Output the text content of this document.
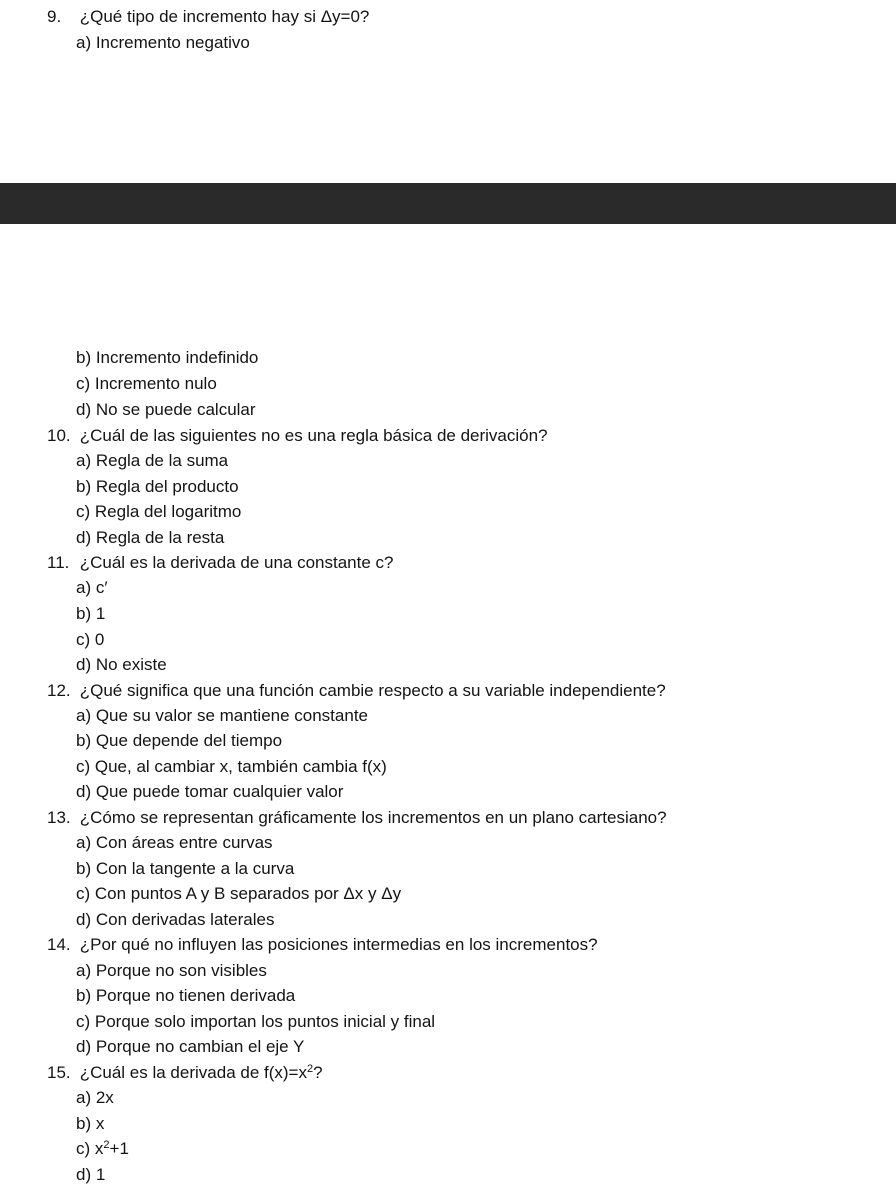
9. ¿Qué tipo de incremento hay si Δy=0?
a) Incremento negativo
b) Incremento indefinido
c) Incremento nulo
d) No se puede calcular
10. ¿Cuál de las siguientes no es una regla básica de derivación?
a) Regla de la suma
b) Regla del producto
c) Regla del logaritmo
d) Regla de la resta
11. ¿Cuál es la derivada de una constante c?
a) c′
b) 1
c) 0
d) No existe
12. ¿Qué significa que una función cambie respecto a su variable independiente?
a) Que su valor se mantiene constante
b) Que depende del tiempo
c) Que, al cambiar x, también cambia f(x)
d) Que puede tomar cualquier valor
13. ¿Cómo se representan gráficamente los incrementos en un plano cartesiano?
a) Con áreas entre curvas
b) Con la tangente a la curva
c) Con puntos A y B separados por Δx y Δy
d) Con derivadas laterales
14. ¿Por qué no influyen las posiciones intermedias en los incrementos?
a) Porque no son visibles
b) Porque no tienen derivada
c) Porque solo importan los puntos inicial y final
d) Porque no cambian el eje Y
15. ¿Cuál es la derivada de $f(x)=x^2$?
a) 2x
b) x
c) $x^2+1$
d) 1
